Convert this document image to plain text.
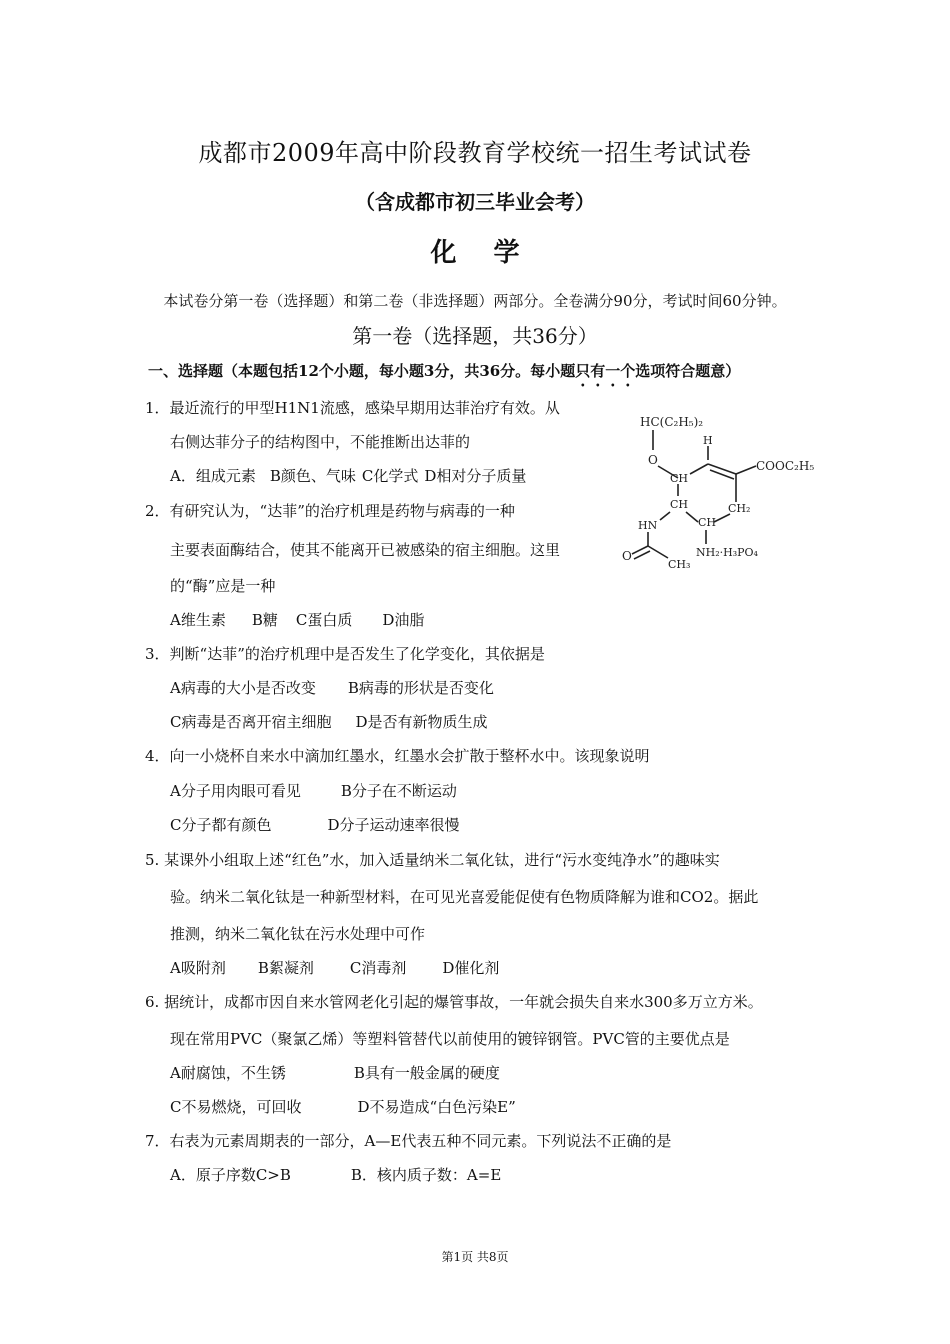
成都市2009年高中阶段教育学校统一招生考试试卷
（含成都市初三毕业会考）
化 学
本试卷分第一卷（选择题）和第二卷（非选择题）两部分。全卷满分90分，考试时间60分钟。
第一卷（选择题，共36分）
一、选择题（本题包括12个小题，每小题3分，共36分。每小题只有一个选项符合题意）
1．最近流行的甲型H1N1流感，感染早期用达菲治疗有效。从
右侧达菲分子的结构图中，不能推断出达菲的
A．组成元素 B颜色、气味 C化学式 D相对分子质量
2．有研究认为，“达菲”的治疗机理是药物与病毒的一种
主要表面酶结合，使其不能离开已被感染的宿主细胞。这里
的“酶”应是一种
A维生素 B糖 C蛋白质 D油脂
3．判断“达菲”的治疗机理中是否发生了化学变化，其依据是
A病毒的大小是否改变 B病毒的形状是否变化
C病毒是否离开宿主细胞 D是否有新物质生成
4．向一小烧杯自来水中滴加红墨水，红墨水会扩散于整杯水中。该现象说明
A分子用肉眼可看见	B分子在不断运动
C分子都有颜色	D分子运动速率很慢
5. 某课外小组取上述“红色”水，加入适量纳米二氧化钛，进行“污水变纯净水”的趣味实
验。纳米二氧化钛是一种新型材料，在可见光喜爱能促使有色物质降解为谁和CO2。据此
推测，纳米二氧化钛在污水处理中可作
A吸附剂 B絮凝剂 C消毒剂 D催化剂
6. 据统计，成都市因自来水管网老化引起的爆管事故，一年就会损失自来水300多万立方米。
现在常用PVC（聚氯乙烯）等塑料管替代以前使用的镀锌钢管。PVC管的主要优点是
A耐腐蚀，不生锈	B具有一般金属的硬度
C不易燃烧，可回收	D不易造成“白色污染E”
7．右表为元素周期表的一部分，A—E代表五种不同元素。下列说法不正确的是
A．原子序数C>B	B．核内质子数：A=E
HC(C₂H₅)₂
O
H
CH
COOC₂H₅
CH₂
CH
CH
HN
NH₂·H₃PO₄
O
CH₃
第1页 共8页
